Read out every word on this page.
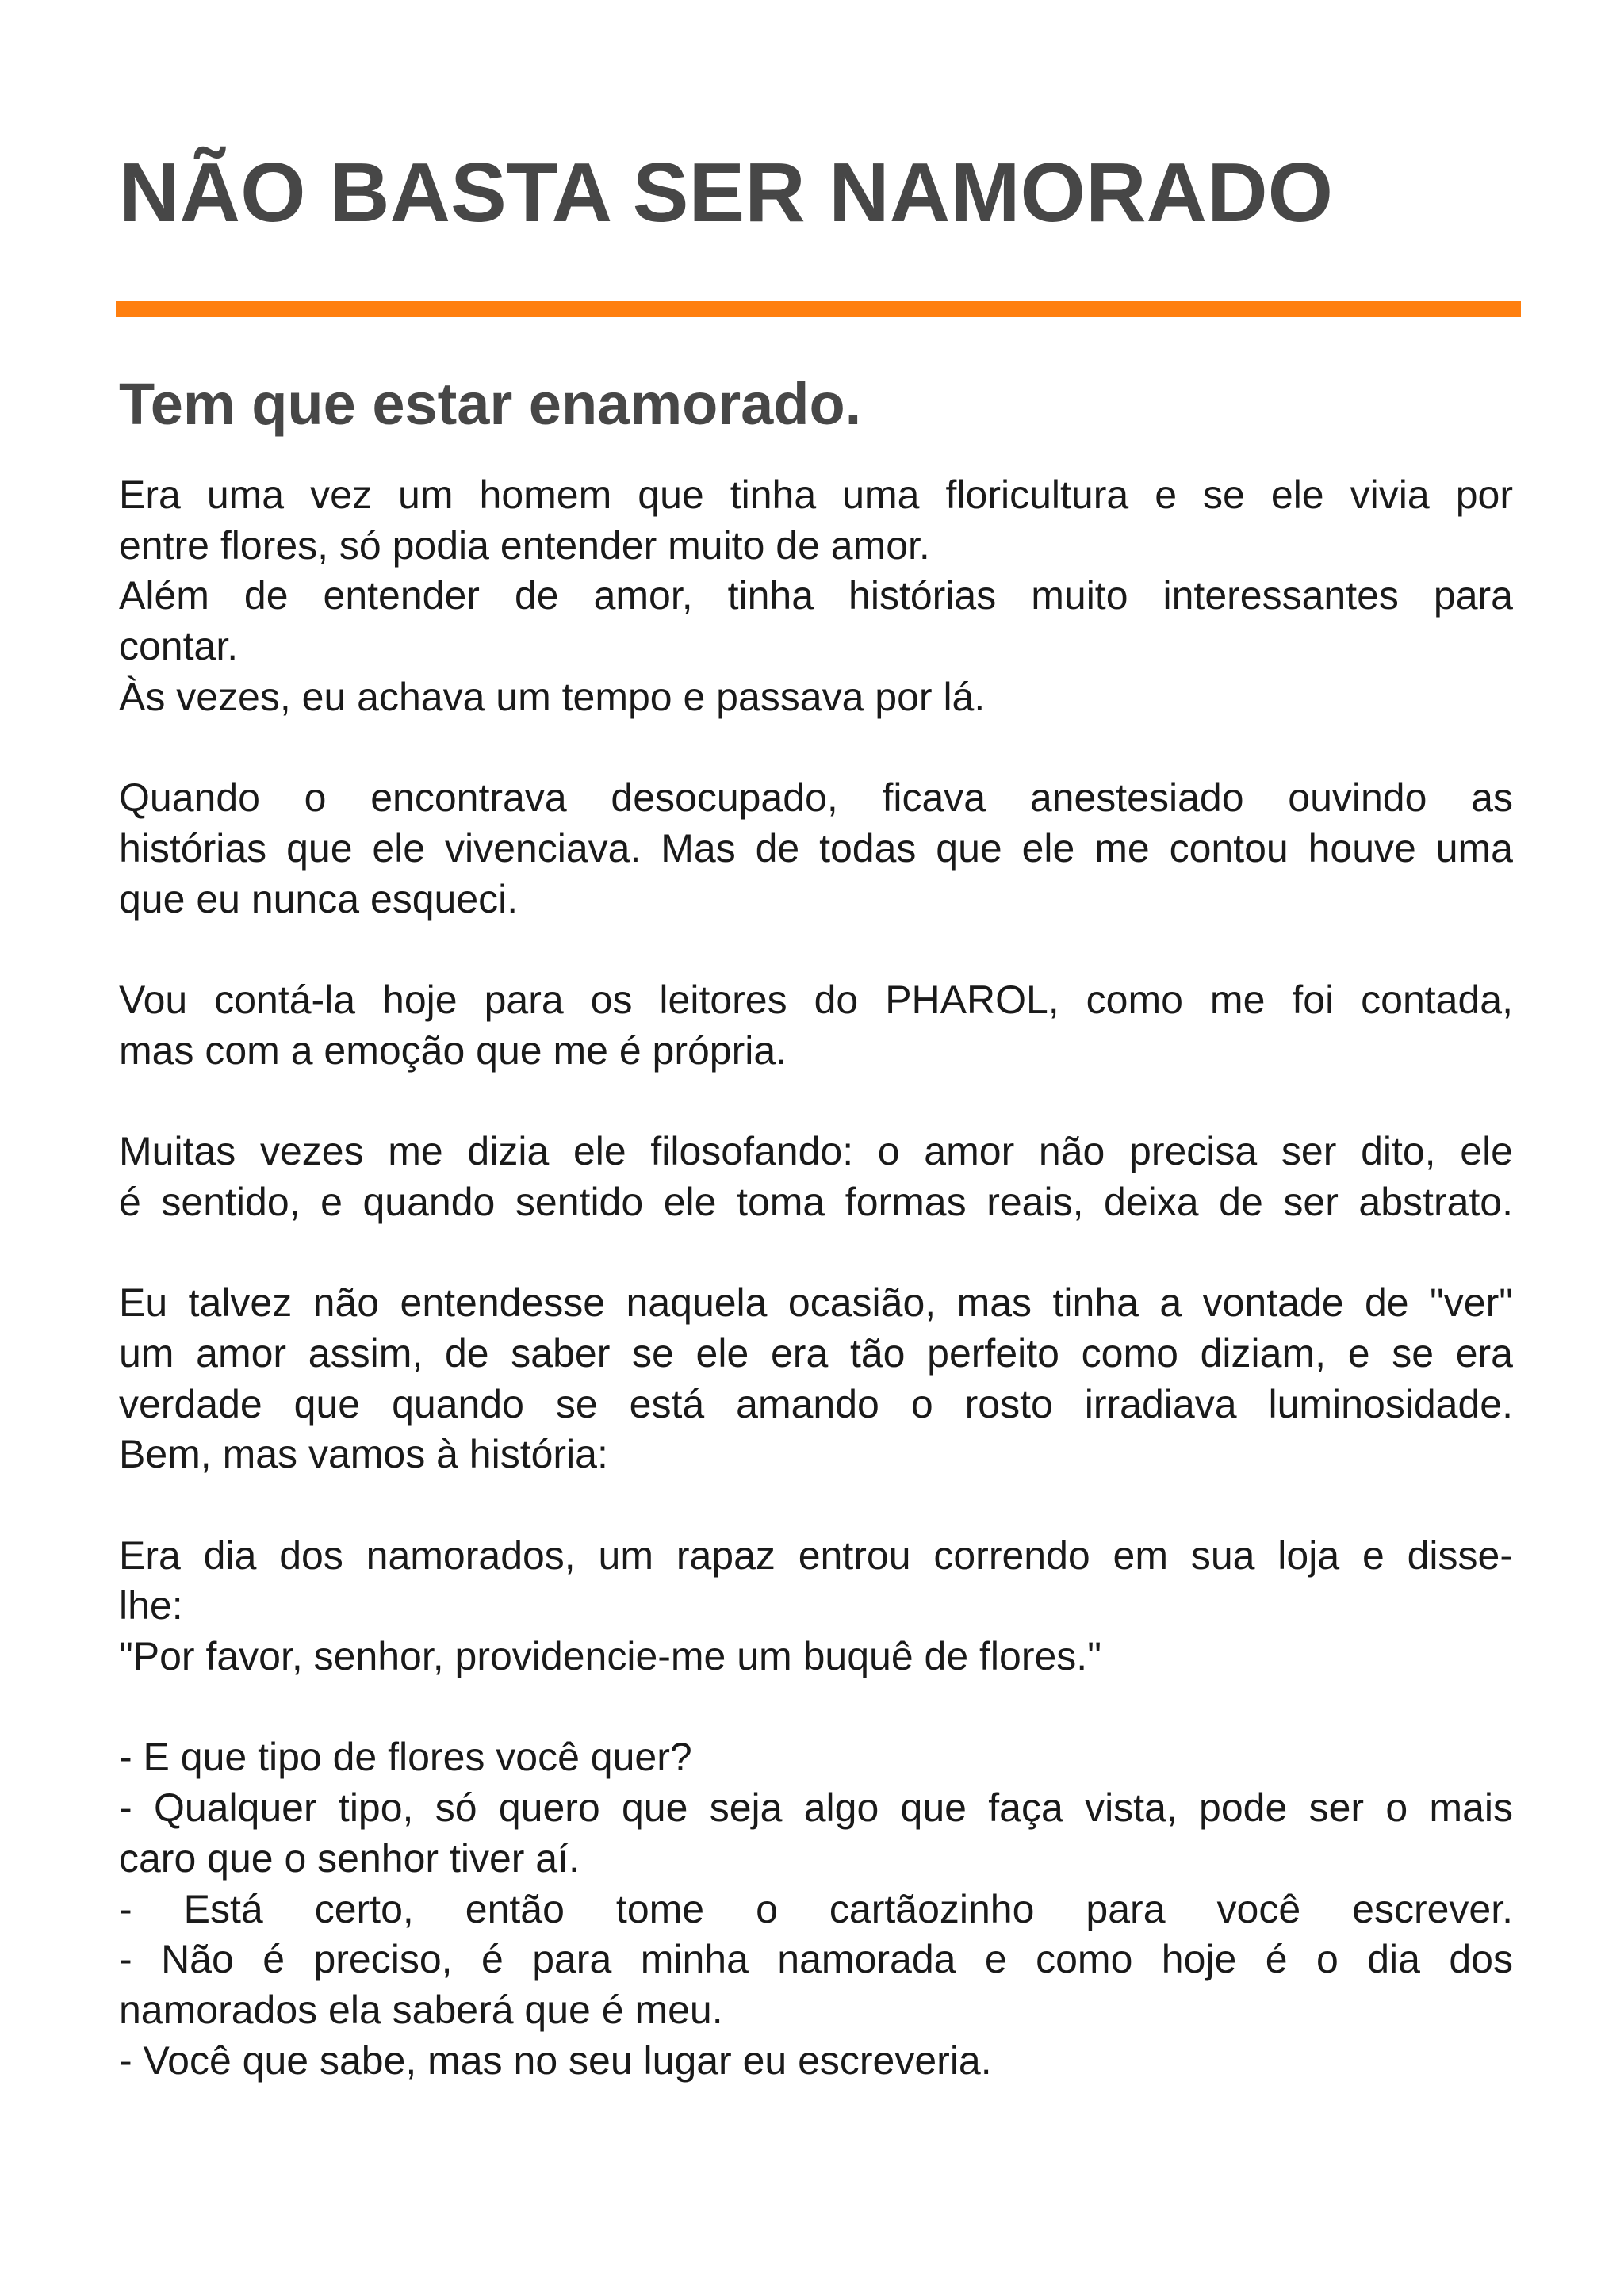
NÃO BASTA SER NAMORADO
Tem que estar enamorado.

Era uma vez um homem que tinha uma floricultura e se ele vivia por
entre flores, só podia entender muito de amor.
Além de entender de amor, tinha histórias muito interessantes para
contar.
Às vezes, eu achava um tempo e passava por lá.

Quando o encontrava desocupado, ficava anestesiado ouvindo as
histórias que ele vivenciava. Mas de todas que ele me contou houve uma
que eu nunca esqueci.

Vou contá-la hoje para os leitores do PHAROL, como me foi contada,
mas com a emoção que me é própria.

Muitas vezes me dizia ele filosofando: o amor não precisa ser dito, ele
é sentido, e quando sentido ele toma formas reais, deixa de ser abstrato.

Eu talvez não entendesse naquela ocasião, mas tinha a vontade de "ver"
um amor assim, de saber se ele era tão perfeito como diziam, e se era
verdade que quando se está amando o rosto irradiava luminosidade.
Bem, mas vamos à história:

Era dia dos namorados, um rapaz entrou correndo em sua loja e disse-
lhe:
"Por favor, senhor, providencie-me um buquê de flores."

- E que tipo de flores você quer?
- Qualquer tipo, só quero que seja algo que faça vista, pode ser o mais
caro que o senhor tiver aí.
- Está certo, então tome o cartãozinho para você escrever.
- Não é preciso, é para minha namorada e como hoje é o dia dos
namorados ela saberá que é meu.
- Você que sabe, mas no seu lugar eu escreveria.
